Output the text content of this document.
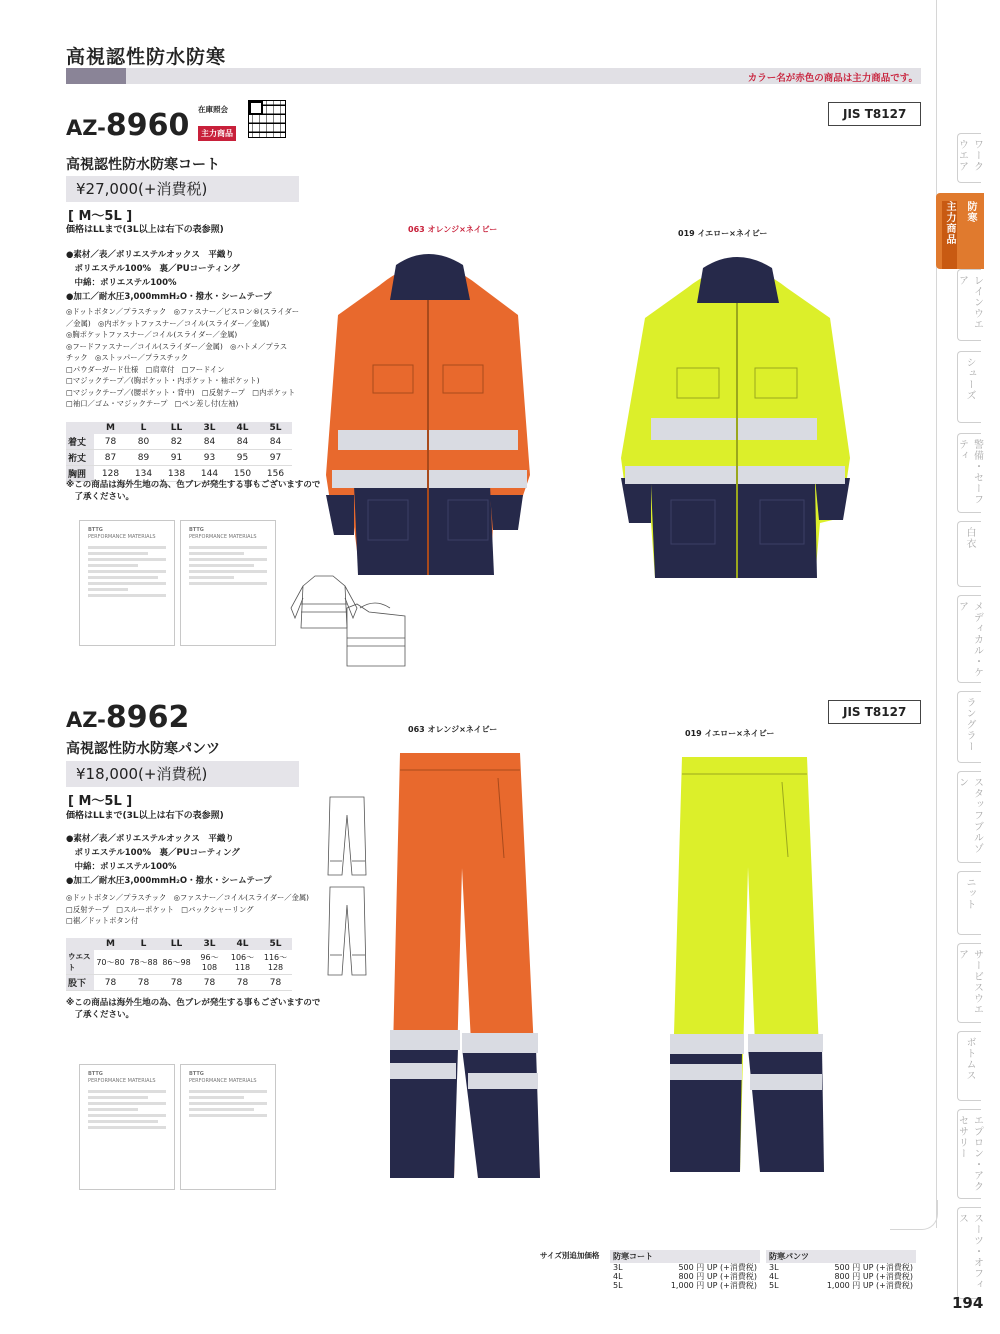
高視認性防水防寒
カラー名が赤色の商品は主力商品です。
ワークウエア
レインウエア
シューズ
警備・セーフティ
白衣
メディカル・ケア
ラングラー
スタッフブルゾン
ニット
サービスウエア
ボトムス
エプロン・アクセサリー
スーツ・オフィス
主力商品 防寒
AZ-8960 在庫照会
主力商品
JIS T8127
高視認性防水防寒コート
¥27,000(+消費税)
[ M～5L ]
価格はLLまで(3L以上は右下の表参照)
●素材／表／ポリエステルオックス　平織り
　ポリエステル100%　裏／PUコーティング
　中綿：ポリエステル100%
●加工／耐水圧3,000mmH₂O・撥水・シームテープ
◎ドットボタン／プラスチック　◎ファスナー／ビスロン®(スライダー
／金属)　◎内ポケットファスナー／コイル(スライダー／金属)
◎胸ポケットファスナー／コイル(スライダー／金属)
◎フードファスナー／コイル(スライダー／金属)　◎ハトメ／プラス
チック　◎ストッパー／プラスチック
□パウダーガード仕様　□肩章付　□フードイン
□マジックテープ／(胸ポケット・内ポケット・袖ポケット)
□マジックテープ／(腰ポケット・背中)　□反射テープ　□内ポケット
□袖口／ゴム・マジックテープ　□ペン差し付(左袖)
	M	L	LL	3L	4L	5L
着丈	78	80	82	84	84	84
裄丈	87	89	91	93	95	97
胸囲	128	134	138	144	150	156
※この商品は海外生地の為、色ブレが発生する事もございますので
　了承ください。
BTTG
PERFORMANCE MATERIALS
BTTG
PERFORMANCE MATERIALS
063 オレンジ×ネイビー	019 イエロー×ネイビー
AZ-8962	JIS T8127
高視認性防水防寒パンツ
¥18,000(+消費税)
[ M～5L ]
価格はLLまで(3L以上は右下の表参照)
●素材／表／ポリエステルオックス　平織り
　ポリエステル100%　裏／PUコーティング
　中綿：ポリエステル100%
●加工／耐水圧3,000mmH₂O・撥水・シームテープ
◎ドットボタン／プラスチック　◎ファスナー／コイル(スライダー／金属)
□反射テープ　□スルーポケット　□バックシャーリング
□裾／ドットボタン付
	M	L	LL	3L	4L	5L
ウエスト	70〜80	78〜88	86〜98	96〜108	106〜118	116〜128
股下	78	78	78	78	78	78
※この商品は海外生地の為、色ブレが発生する事もございますので
　了承ください。
BTTG
PERFORMANCE MATERIALS
BTTG
PERFORMANCE MATERIALS
063 オレンジ×ネイビー	019 イエロー×ネイビー
サイズ別追加価格	防寒コート
3L	500 円 UP (+消費税)
4L	800 円 UP (+消費税)
5L	1,000 円 UP (+消費税)
防寒パンツ
3L	500 円 UP (+消費税)
4L	800 円 UP (+消費税)
5L	1,000 円 UP (+消費税)
194
